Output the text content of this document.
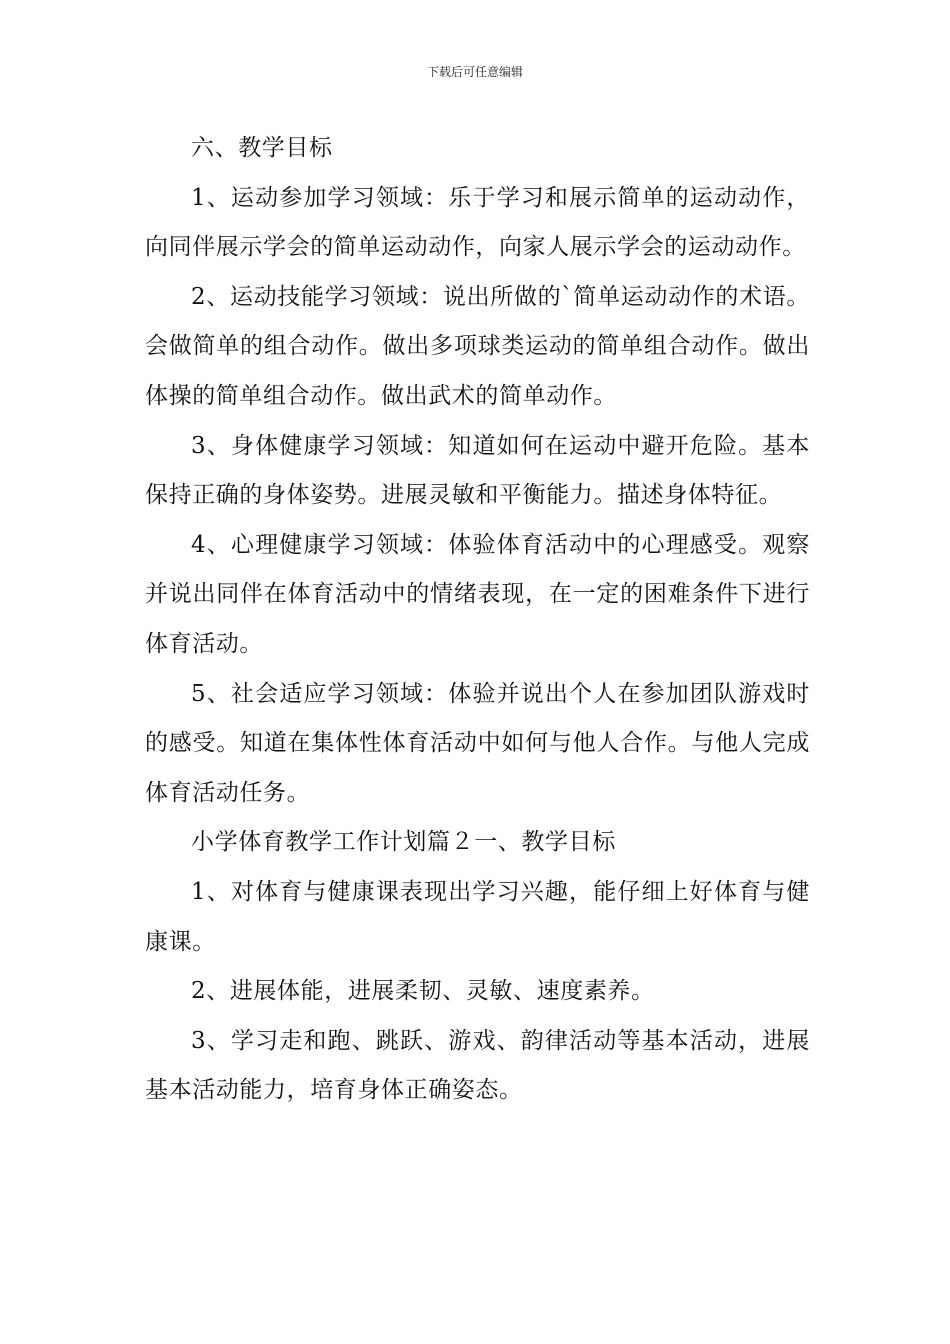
下载后可任意编辑

六、教学目标

1、运动参加学习领域：乐于学习和展示简单的运动动作，向同伴展示学会的简单运动动作，向家人展示学会的运动动作。

2、运动技能学习领域：说出所做的`简单运动动作的术语。会做简单的组合动作。做出多项球类运动的简单组合动作。做出体操的简单组合动作。做出武术的简单动作。

3、身体健康学习领域：知道如何在运动中避开危险。基本保持正确的身体姿势。进展灵敏和平衡能力。描述身体特征。

4、心理健康学习领域：体验体育活动中的心理感受。观察并说出同伴在体育活动中的情绪表现，在一定的困难条件下进行体育活动。

5、社会适应学习领域：体验并说出个人在参加团队游戏时的感受。知道在集体性体育活动中如何与他人合作。与他人完成体育活动任务。

小学体育教学工作计划篇２一、教学目标

1、对体育与健康课表现出学习兴趣，能仔细上好体育与健康课。

2、进展体能，进展柔韧、灵敏、速度素养。

3、学习走和跑、跳跃、游戏、韵律活动等基本活动，进展基本活动能力，培育身体正确姿态。
